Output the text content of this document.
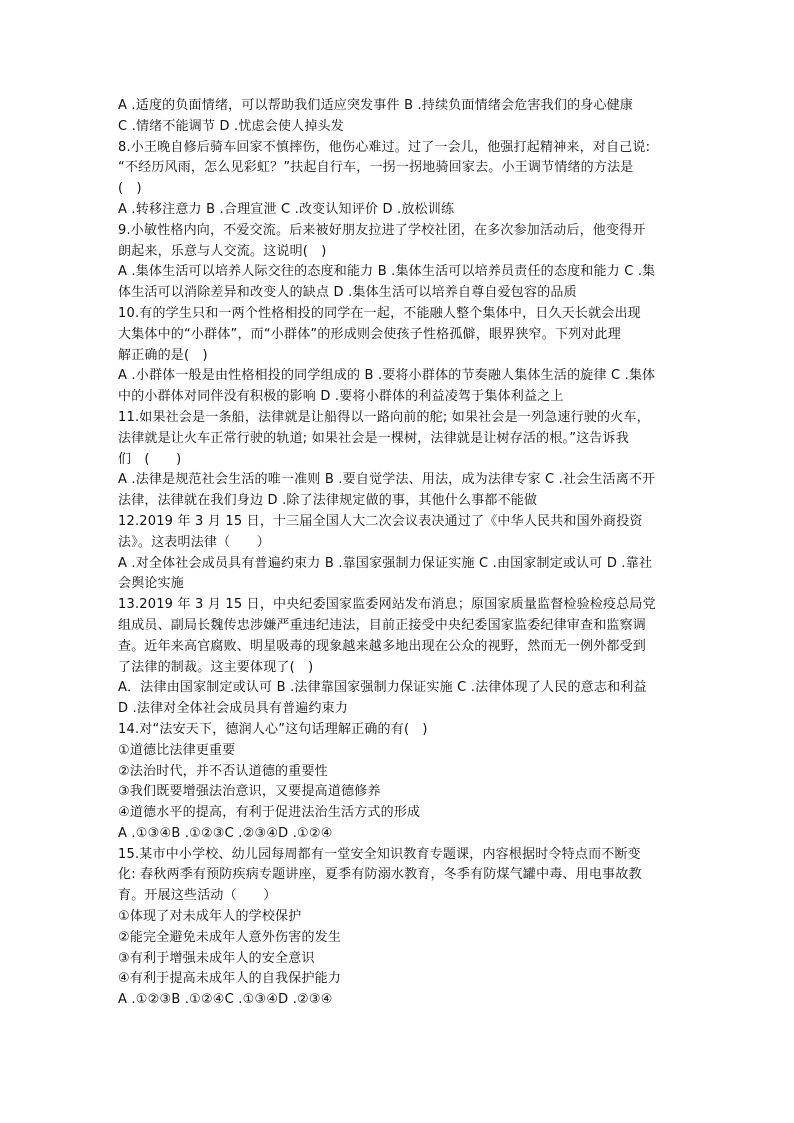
A .适度的负面情绪，可以帮助我们适应突发事件 B .持续负面情绪会危害我们的身心健康
C .情绪不能调节 D .忧虑会使人掉头发
8.小王晚自修后骑车回家不慎摔伤，他伤心难过。过了一会儿，他强打起精神来，对自己说:
“不经历风雨，怎么见彩虹？”扶起自行车，一拐一拐地骑回家去。小王调节情绪的方法是
(　)
A .转移注意力 B .合理宣泄 C .改变认知评价 D .放松训练
9.小敏性格内向，不爱交流。后来被好朋友拉进了学校社团，在多次参加活动后，他变得开
朗起来，乐意与人交流。这说明(　)
A .集体生活可以培养人际交往的态度和能力 B .集体生活可以培养员责任的态度和能力 C .集
体生活可以消除差异和改变人的缺点 D .集体生活可以培养自尊自爱包容的品质
10.有的学生只和一两个性格相投的同学在一起，不能融人整个集体中，日久天长就会出现
大集体中的“小群体”，而“小群体”的形成则会使孩子性格孤僻，眼界狭窄。下列对此理
解正确的是(　)
A .小群体一般是由性格相投的同学组成的 B .要将小群体的节奏融人集体生活的旋律 C .集体
中的小群体对同伴没有积极的影响 D .要将小群体的利益凌驾于集体利益之上
11.如果社会是一条船，法律就是让船得以一路向前的舵; 如果社会是一列急速行驶的火车，
法律就是让火车正常行驶的轨道; 如果社会是一棵树，法律就是让树存活的根。”这告诉我
们　(　　)
A .法律是规范社会生活的唯一准则 B .要自觉学法、用法，成为法律专家 C .社会生活离不开
法律，法律就在我们身边 D .除了法律规定做的事，其他什么事都不能做
12.2019 年 3 月 15 日，十三届全国人大二次会议表决通过了《中华人民共和国外商投资
法》。这表明法律（　　）
A .对全体社会成员具有普遍约束力 B .靠国家强制力保证实施 C .由国家制定或认可 D .靠社
会舆论实施
13.2019 年 3 月 15 日，中央纪委国家监委网站发布消息；原国家质量监督检验检疫总局党
组成员、副局长魏传忠涉嫌严重违纪违法，目前正接受中央纪委国家监委纪律审查和监察调
查。近年来高官腐败、明星吸毒的现象越来越多地出现在公众的视野，然而无一例外都受到
了法律的制裁。这主要体现了(　)
A．法律由国家制定或认可 B .法律靠国家强制力保证实施 C .法律体现了人民的意志和利益
D .法律对全体社会成员具有普遍约束力
14.对“法安天下，德润人心”这句话理解正确的有(　)
①道德比法律更重要
②法治时代，并不否认道德的重要性
③我们既要增强法治意识，又要提高道德修养
④道德水平的提高，有利于促进法治生活方式的形成
A .①③④B .①②③C .②③④D .①②④
15.某市中小学校、幼儿园每周都有一堂安全知识教育专题课，内容根据时令特点而不断变
化: 春秋两季有预防疾病专题讲座，夏季有防溺水教育，冬季有防煤气罐中毒、用电事故教
育。开展这些活动（　　）
①体现了对未成年人的学校保护
②能完全避免未成年人意外伤害的发生
③有利于增强未成年人的安全意识
④有利于提高未成年人的自我保护能力
A .①②③B .①②④C .①③④D .②③④
